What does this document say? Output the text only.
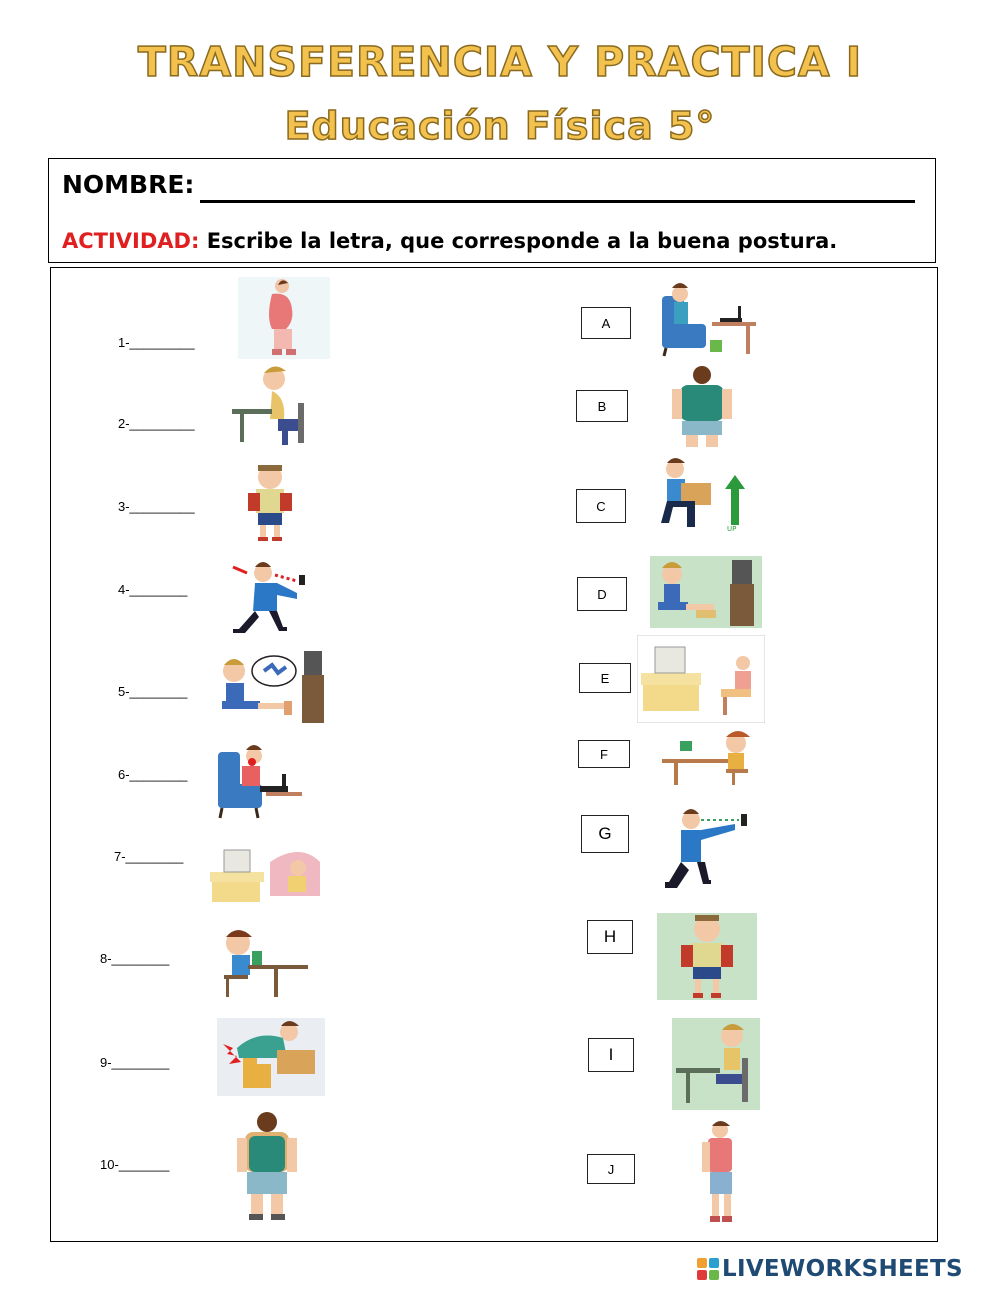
TRANSFERENCIA Y PRACTICA I
Educación Física 5°
NOMBRE:
ACTIVIDAD: Escribe la letra, que corresponde a la buena postura.
1-_________
2-_________
3-_________
4-________
5-________
6-________
7-________
8-________
9-________
10-_______
A
B
C
D
E
F
G
H
I
J
UP
LIVEWORKSHEETS
